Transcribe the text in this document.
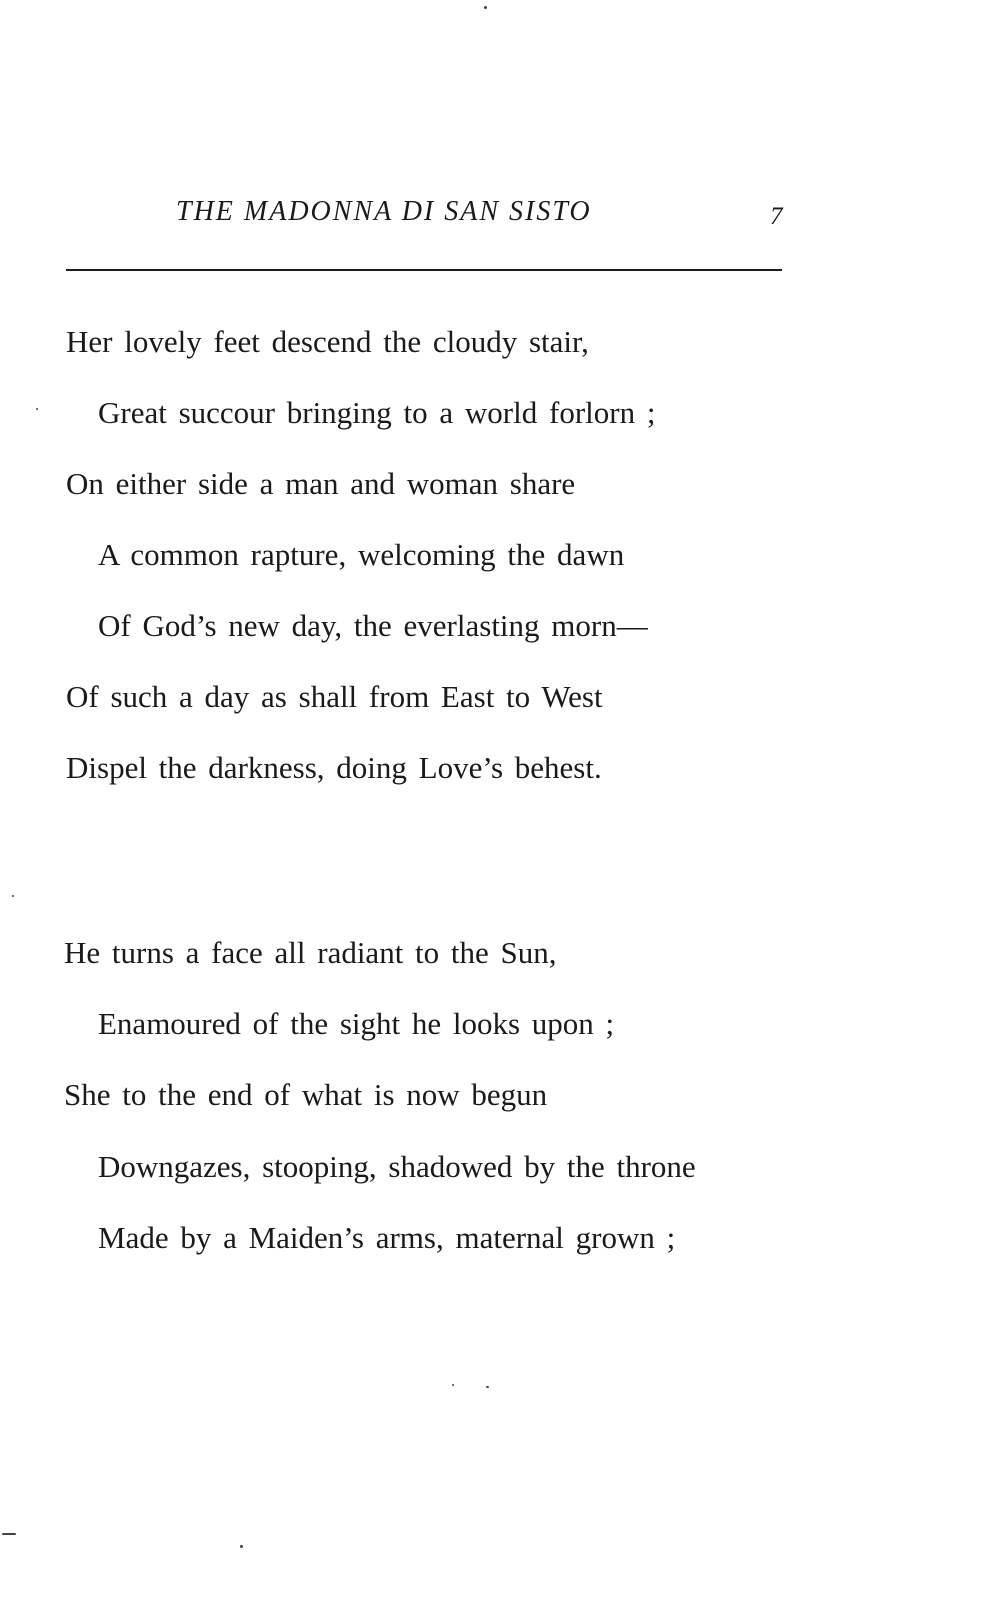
THE MADONNA DI SAN SISTO	7
Her lovely feet descend the cloudy stair,
Great succour bringing to a world forlorn ;
On either side a man and woman share
A common rapture, welcoming the dawn
Of God’s new day, the everlasting morn—
Of such a day as shall from East to West
Dispel the darkness, doing Love’s behest.
He turns a face all radiant to the Sun,
Enamoured of the sight he looks upon ;
She to the end of what is now begun
Downgazes, stooping, shadowed by the throne
Made by a Maiden’s arms, maternal grown ;
